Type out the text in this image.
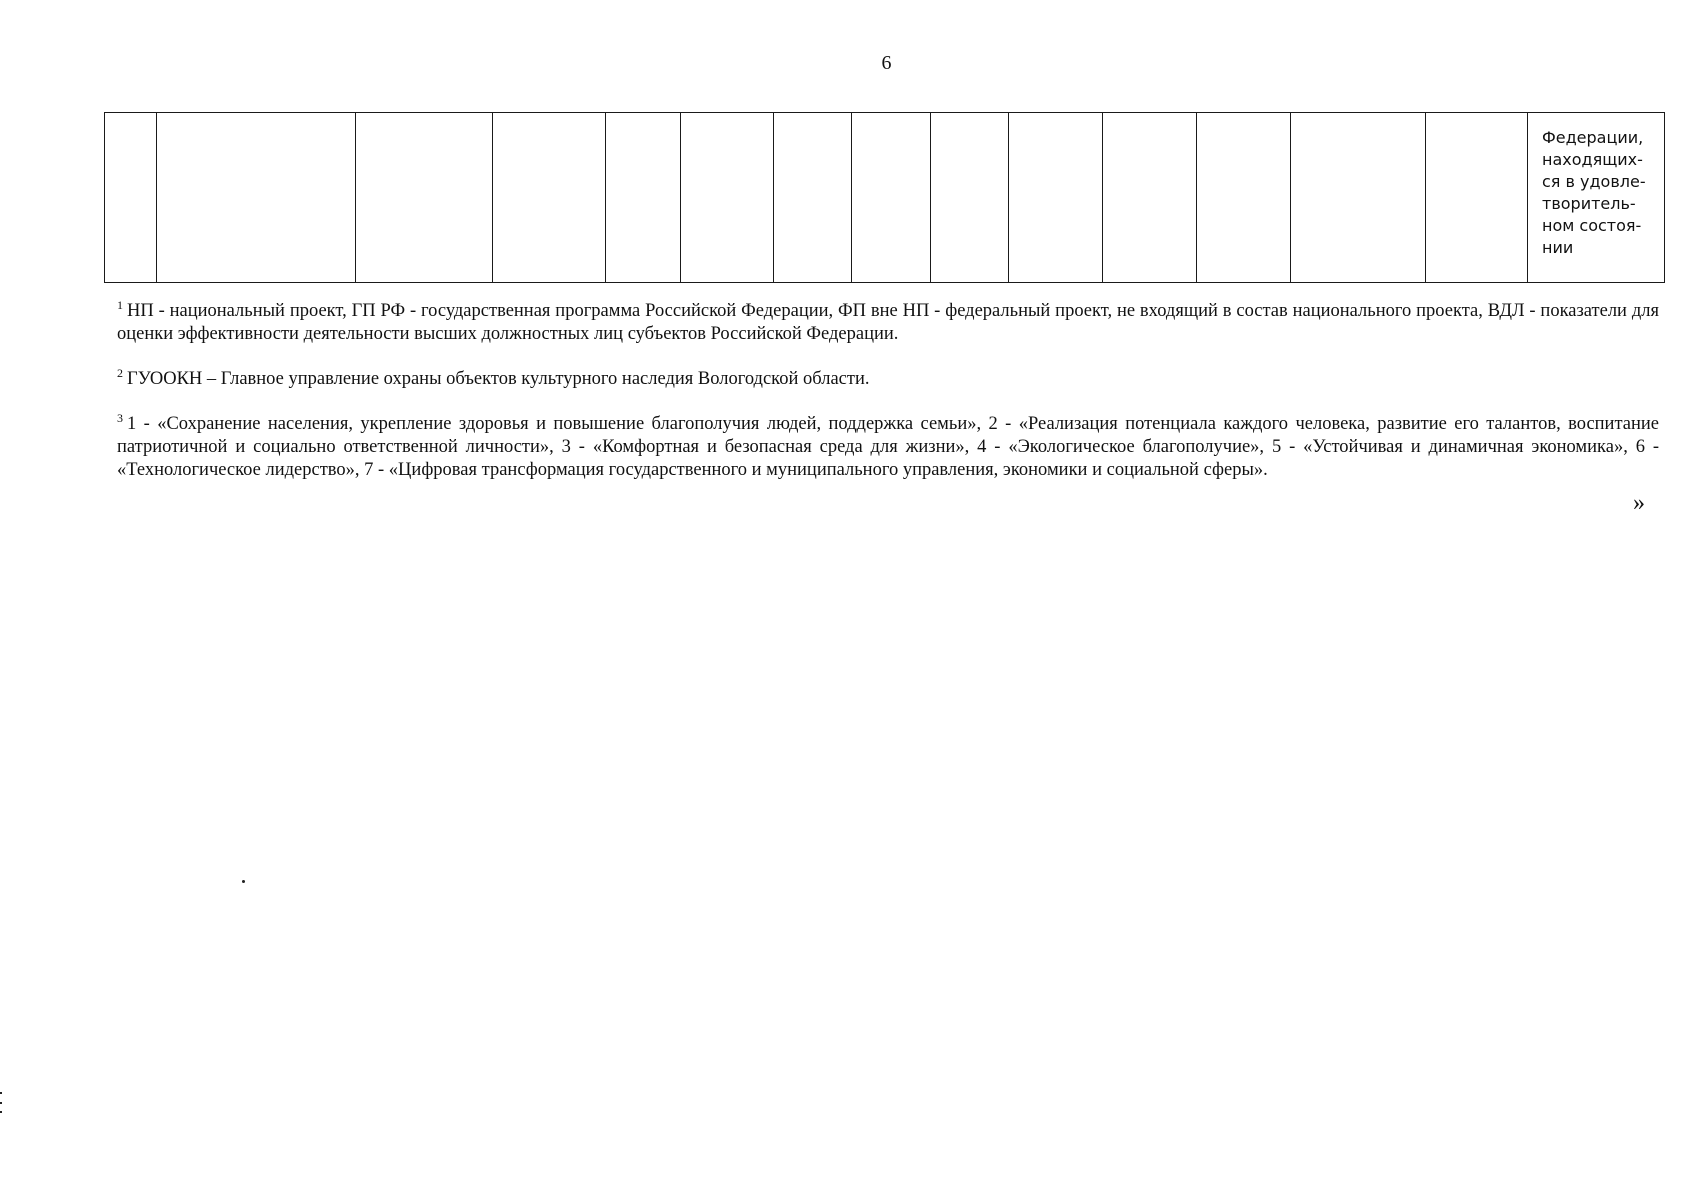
6
														Федерации,
находящих-
ся в удовле-
творитель-
ном состоя-
нии

$^1$ НП - национальный проект, ГП РФ - государственная программа Российской Федерации, ФП вне НП - федеральный проект, не входящий в состав национального проекта, ВДЛ - показатели для оценки эффективности деятельности высших должностных лиц субъектов Российской Федерации.

$^2$ ГУООКН – Главное управление охраны объектов культурного наследия Вологодской области.

$^3$ 1 - «Сохранение населения, укрепление здоровья и повышение благополучия людей, поддержка семьи», 2 - «Реализация потенциала каждого человека, развитие его талантов, воспитание патриотичной и социально ответственной личности», 3 - «Комфортная и безопасная среда для жизни», 4 - «Экологическое благополучие», 5 - «Устойчивая и динамичная экономика», 6 - «Технологическое лидерство», 7 - «Цифровая трансформация государственного и муниципального управления, экономики и социальной сферы».

»
